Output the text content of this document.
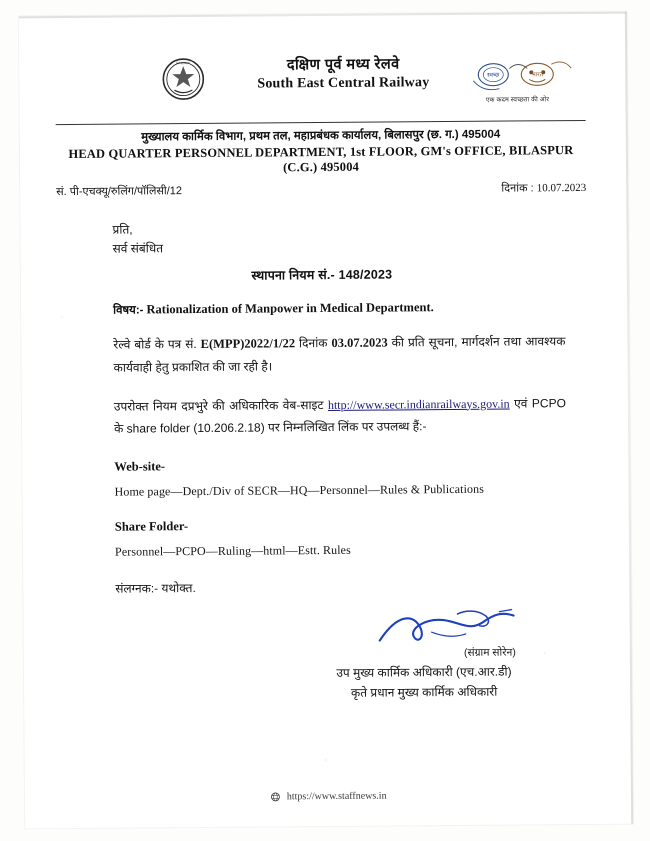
RAILWAY	दक्षिण पूर्व मध्य रेलवे
South East Central Railway	स्वच्छ	भारत
एक कदम स्वच्छता की ओर
मुख्यालय कार्मिक विभाग, प्रथम तल, महाप्रबंधक कार्यालय, बिलासपुर (छ. ग.) 495004
HEAD QUARTER PERSONNEL DEPARTMENT, 1st FLOOR, GM's OFFICE, BILASPUR (C.G.) 495004
सं. पी-एचक्यू/रुलिंग/पॉलिसी/12	दिनांक : 10.07.2023
प्रति,
सर्व संबंधित
स्थापना नियम सं.- 148/2023
विषय:- Rationalization of Manpower in Medical Department.
रेल्वे बोर्ड के पत्र सं. E(MPP)2022/1/22 दिनांक 03.07.2023 की प्रति सूचना, मार्गदर्शन तथा आवश्यक कार्यवाही हेतु प्रकाशित की जा रही है।
उपरोक्त नियम दप्रभुरे की अधिकारिक वेब-साइट http://www.secr.indianrailways.gov.in एवं PCPO के share folder (10.206.2.18) पर निम्नलिखित लिंक पर उपलब्ध हैं:-
Web-site-
Home page—Dept./Div of SECR—HQ—Personnel—Rules & Publications
Share Folder-
Personnel—PCPO—Ruling—html—Estt. Rules
संलग्नक:- यथोक्त.
(संग्राम सोरेन)
उप मुख्य कार्मिक अधिकारी (एच.आर.डी)
कृते प्रधान मुख्य कार्मिक अधिकारी
https://www.staffnews.in
